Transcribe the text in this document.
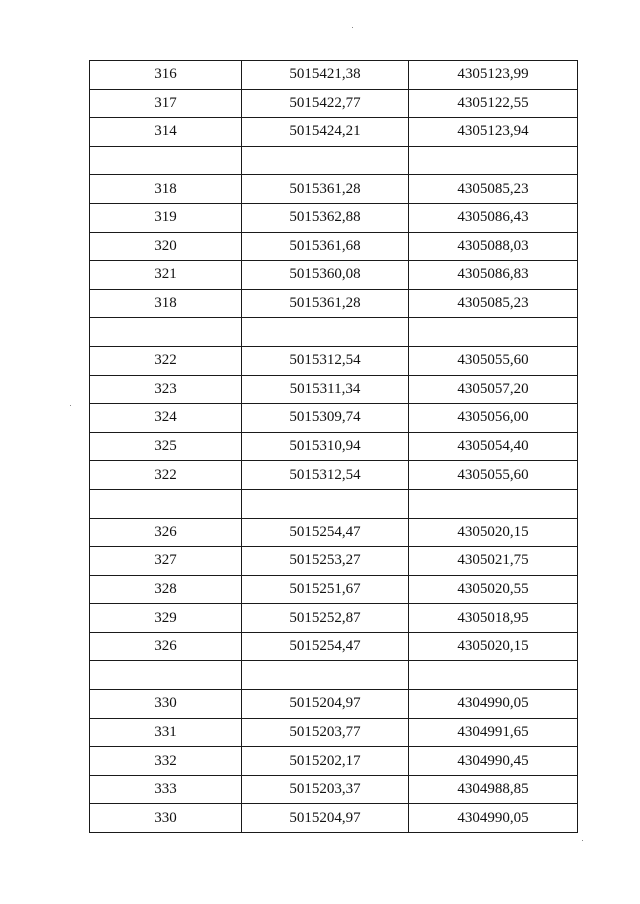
316	5015421,38	4305123,99
317	5015422,77	4305122,55
314	5015424,21	4305123,94

318	5015361,28	4305085,23
319	5015362,88	4305086,43
320	5015361,68	4305088,03
321	5015360,08	4305086,83
318	5015361,28	4305085,23

322	5015312,54	4305055,60
323	5015311,34	4305057,20
324	5015309,74	4305056,00
325	5015310,94	4305054,40
322	5015312,54	4305055,60

326	5015254,47	4305020,15
327	5015253,27	4305021,75
328	5015251,67	4305020,55
329	5015252,87	4305018,95
326	5015254,47	4305020,15

330	5015204,97	4304990,05
331	5015203,77	4304991,65
332	5015202,17	4304990,45
333	5015203,37	4304988,85
330	5015204,97	4304990,05
